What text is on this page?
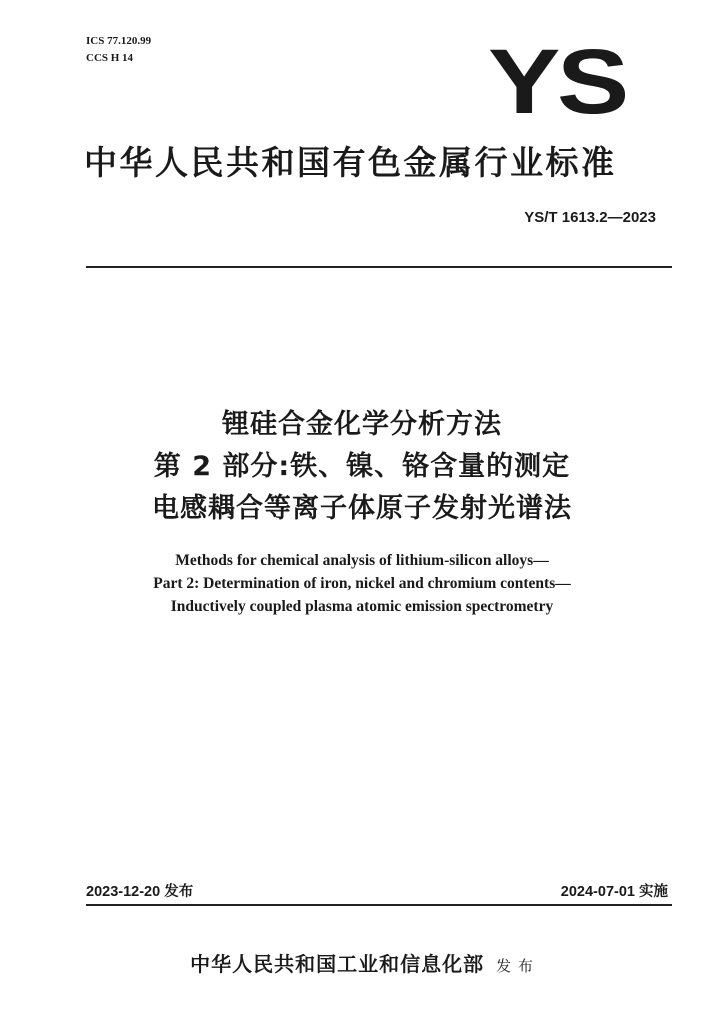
ICS 77.120.99
CCS H 14	YS
中华人民共和国有色金属行业标准
YS/T 1613.2—2023
锂硅合金化学分析方法
第 2 部分:铁、镍、铬含量的测定
电感耦合等离子体原子发射光谱法
Methods for chemical analysis of lithium-silicon alloys—
Part 2: Determination of iron, nickel and chromium contents—
Inductively coupled plasma atomic emission spectrometry
2023-12-20 发布	2024-07-01 实施
中华人民共和国工业和信息化部 发 布
